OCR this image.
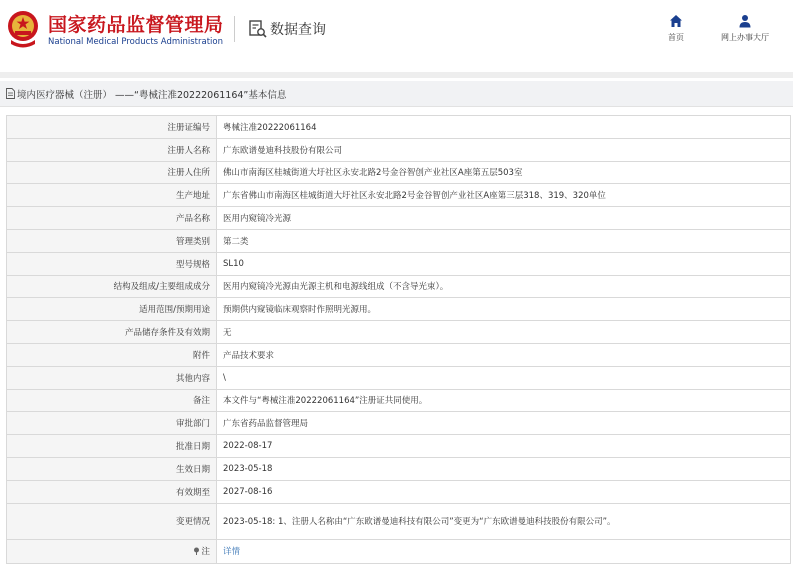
国家药品监督管理局
National Medical Products Administration
数据查询	首页	网上办事大厅
境内医疗器械（注册） ——“粤械注准20222061164”基本信息
注册证编号	粤械注准20222061164
注册人名称	广东欧谱曼迪科技股份有限公司
注册人住所	佛山市南海区桂城街道大圩社区永安北路2号金谷智创产业社区A座第五层503室
生产地址	广东省佛山市南海区桂城街道大圩社区永安北路2号金谷智创产业社区A座第三层318、319、320单位
产品名称	医用内窥镜冷光源
管理类别	第二类
型号规格	SL10
结构及组成/主要组成成分	医用内窥镜冷光源由光源主机和电源线组成（不含导光束）。
适用范围/预期用途	预期供内窥镜临床观察时作照明光源用。
产品储存条件及有效期	无
附件	产品技术要求
其他内容	\
备注	本文件与“粤械注准20222061164”注册证共同使用。
审批部门	广东省药品监督管理局
批准日期	2022-08-17
生效日期	2023-05-18
有效期至	2027-08-16
变更情况	2023-05-18: 1、注册人名称由“广东欧谱曼迪科技有限公司”变更为“广东欧谱曼迪科技股份有限公司”。
注	详情
